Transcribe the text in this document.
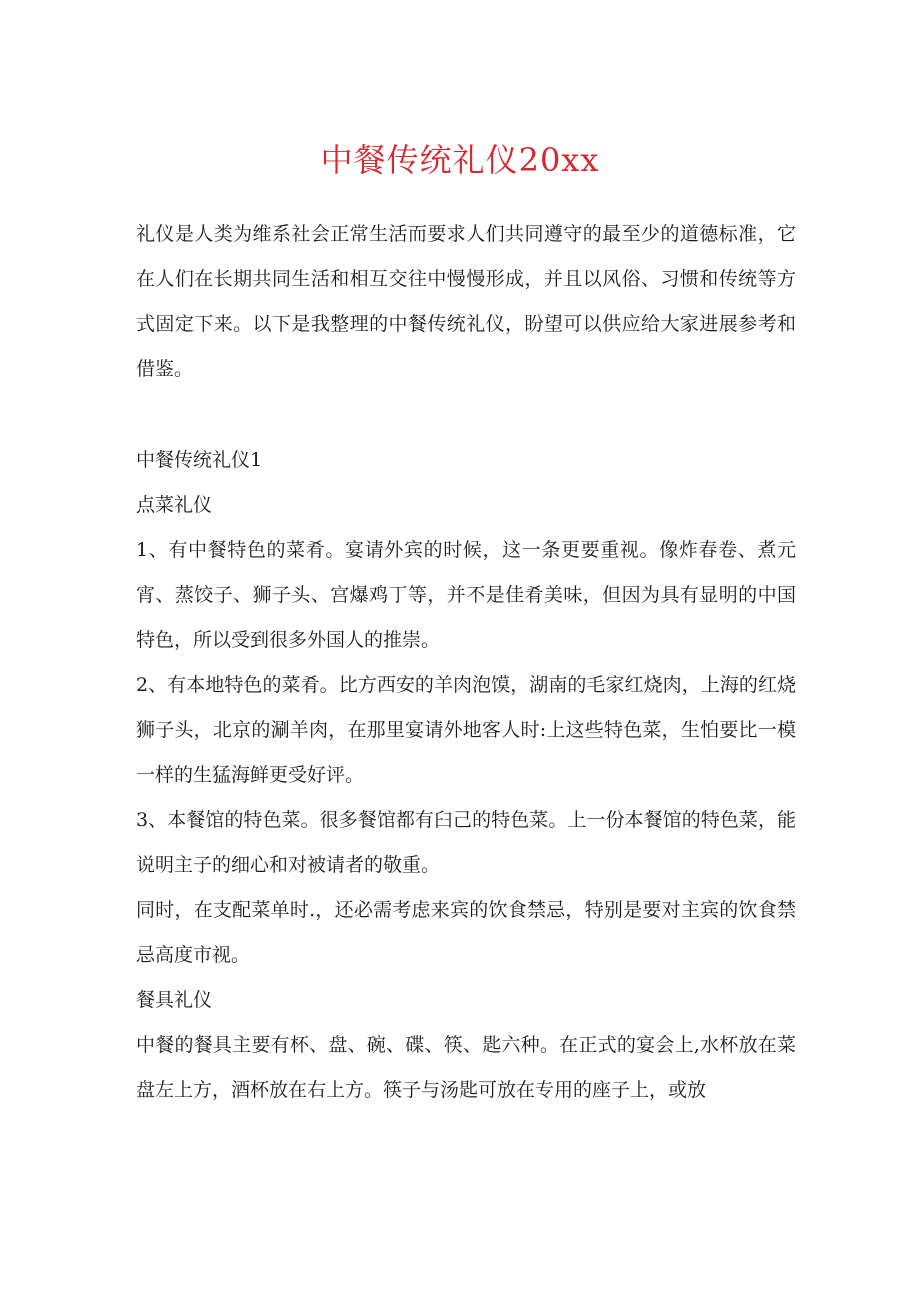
中餐传统礼仪20xx

礼仪是人类为维系社会正常生活而要求人们共同遵守的最至少的道德标准，它在人们在长期共同生活和相互交往中慢慢形成，并且以风俗、习惯和传统等方式固定下来。以下是我整理的中餐传统礼仪，盼望可以供应给大家进展参考和借鉴。

中餐传统礼仪1

点菜礼仪

1、有中餐特色的菜肴。宴请外宾的时候，这一条更要重视。像炸春卷、煮元宵、蒸饺子、狮子头、宫爆鸡丁等，并不是佳肴美味，但因为具有显明的中国特色，所以受到很多外国人的推崇。

2、有本地特色的菜肴。比方西安的羊肉泡馍，湖南的毛家红烧肉，上海的红烧狮子头，北京的涮羊肉，在那里宴请外地客人时:上这些特色菜，生怕要比一模一样的生猛海鲜更受好评。

3、本餐馆的特色菜。很多餐馆都有臼己的特色菜。上一份本餐馆的特色菜，能说明主子的细心和对被请者的敬重。

同时，在支配菜单时.，还必需考虑来宾的饮食禁忌，特别是要对主宾的饮食禁忌高度市视。

餐具礼仪

中餐的餐具主要有杯、盘、碗、碟、筷、匙六种。在正式的宴会上,水杯放在菜盘左上方，酒杯放在右上方。筷子与汤匙可放在专用的座子上，或放
